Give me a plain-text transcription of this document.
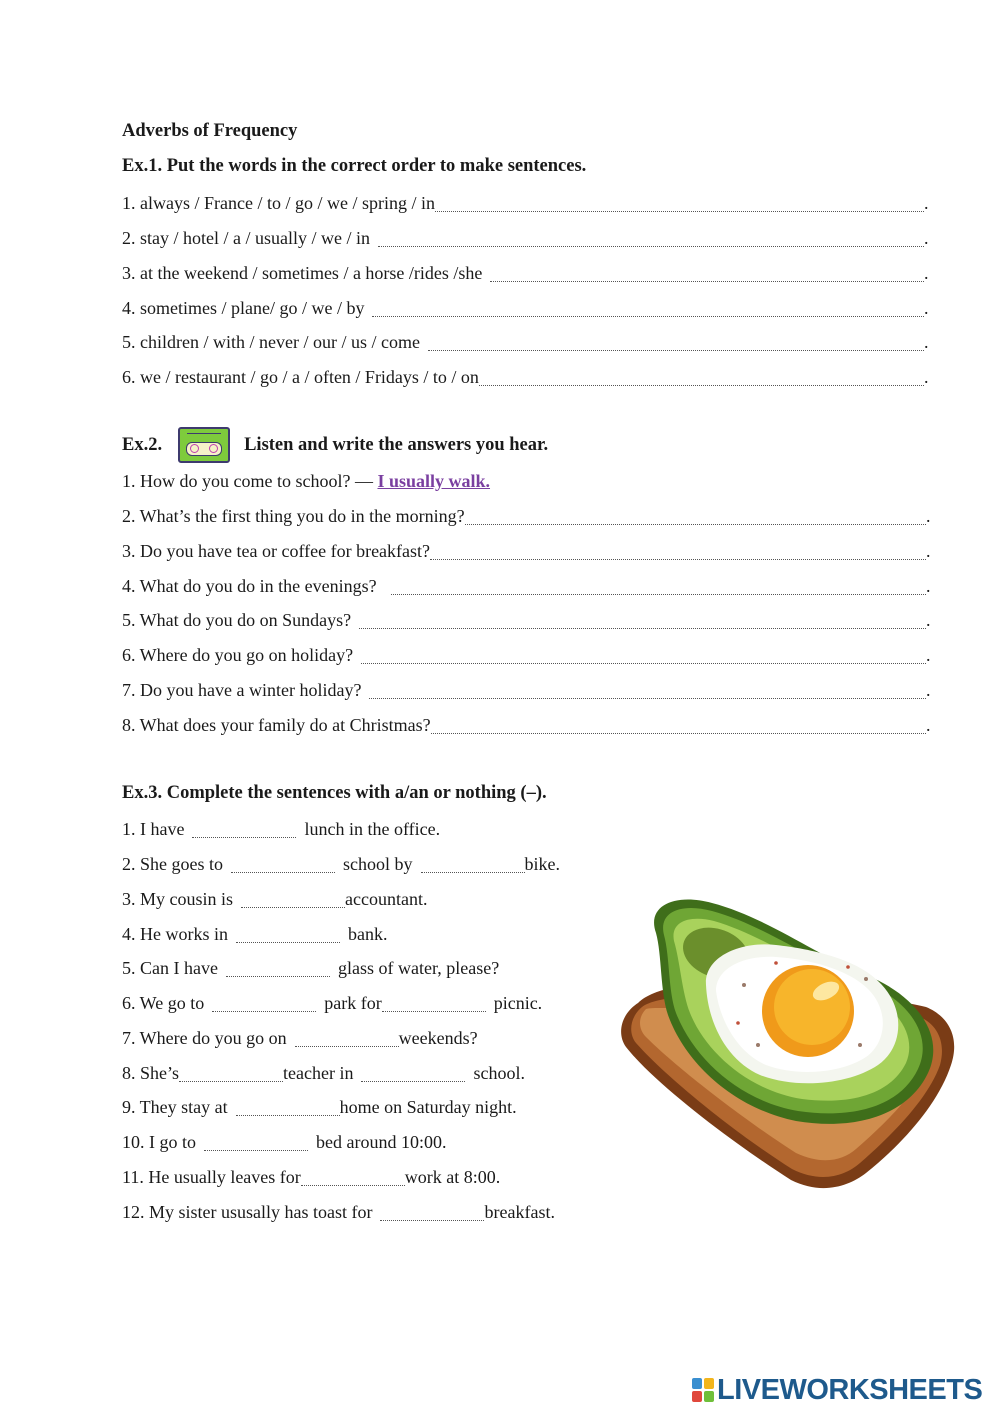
Adverbs of Frequency
Ex.1. Put the words in the correct order to make sentences.
1. always / France / to / go / we / spring / in	.
2. stay / hotel / a / usually / we / in	.
3. at the weekend / sometimes / a horse /rides /she	.
4. sometimes / plane/ go / we / by	.
5. children / with / never / our / us / come	.
6. we / restaurant / go / a / often / Fridays / to / on	.
Ex.2.	Listen and write the answers you hear.
1. How do you come to school? —
I usually walk.
2. What’s the first thing you do in the morning?	.
3. Do you have tea or coffee for breakfast?	.
4. What do you do in the evenings?	.
5. What do you do on Sundays?	.
6. Where do you go on holiday?	.
7. Do you have a winter holiday?	.
8. What does your family do at Christmas?	.
Ex.3. Complete the sentences with a/an or nothing (–).
1. I have	lunch in the office.
2. She goes to	school by	bike.
3. My cousin is	accountant.
4. He works in	bank.
5. Can I have	glass of water, please?
6. We go to	park for	picnic.
7. Where do you go on	weekends?
8. She’s	teacher in	school.
9. They stay at	home on Saturday night.
10. I go to	bed around 10:00.
11. He usually leaves for	work at 8:00.
12. My sister ususally has toast for	breakfast.
LIVEWORKSHEETS
